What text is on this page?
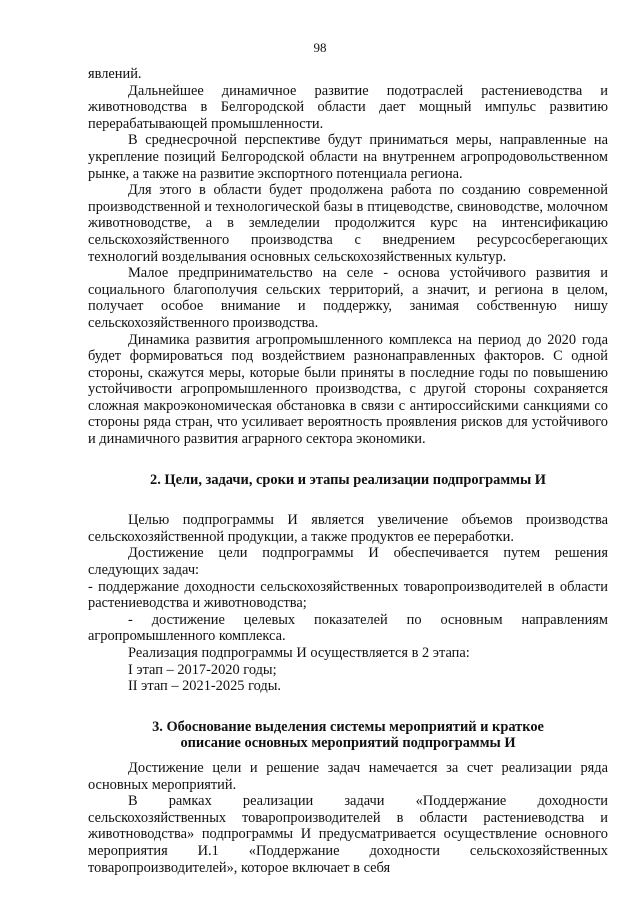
98

явлений.

Дальнейшее динамичное развитие подотраслей растениеводства и животноводства в Белгородской области дает мощный импульс развитию перерабатывающей промышленности.

В среднесрочной перспективе будут приниматься меры, направленные на укрепление позиций Белгородской области на внутреннем агропродовольственном рынке, а также на развитие экспортного потенциала региона.

Для этого в области будет продолжена работа по созданию современной производственной и технологической базы в птицеводстве, свиноводстве, молочном животноводстве, а в земледелии продолжится курс на интенсификацию сельскохозяйственного производства с внедрением ресурсосберегающих технологий возделывания основных сельскохозяйственных культур.

Малое предпринимательство на селе - основа устойчивого развития и социального благополучия сельских территорий, а значит, и региона в целом, получает особое внимание и поддержку, занимая собственную нишу сельскохозяйственного производства.

Динамика развития агропромышленного комплекса на период до 2020 года будет формироваться под воздействием разнонаправленных факторов. С одной стороны, скажутся меры, которые были приняты в последние годы по повышению устойчивости агропромышленного производства, с другой стороны сохраняется сложная макроэкономическая обстановка в связи с антироссийскими санкциями со стороны ряда стран, что усиливает вероятность проявления рисков для устойчивого и динамичного развития аграрного сектора экономики.

2. Цели, задачи, сроки и этапы реализации подпрограммы И

Целью подпрограммы И является увеличение объемов производства сельскохозяйственной продукции, а также продуктов ее переработки.

Достижение цели подпрограммы И обеспечивается путем решения следующих задач:

- поддержание доходности сельскохозяйственных товаропроизводителей в области растениеводства и животноводства;

- достижение целевых показателей по основным направлениям агропромышленного комплекса.

Реализация подпрограммы И осуществляется в 2 этапа:

I этап – 2017-2020 годы;

II этап – 2021-2025 годы.

3. Обоснование выделения системы мероприятий и краткое

описание основных мероприятий подпрограммы И

Достижение цели и решение задач намечается за счет реализации ряда основных мероприятий.

В рамках реализации задачи «Поддержание доходности сельскохозяйственных товаропроизводителей в области растениеводства и животноводства» подпрограммы И предусматривается осуществление основного мероприятия И.1 «Поддержание доходности сельскохозяйственных товаропроизводителей», которое включает в себя
